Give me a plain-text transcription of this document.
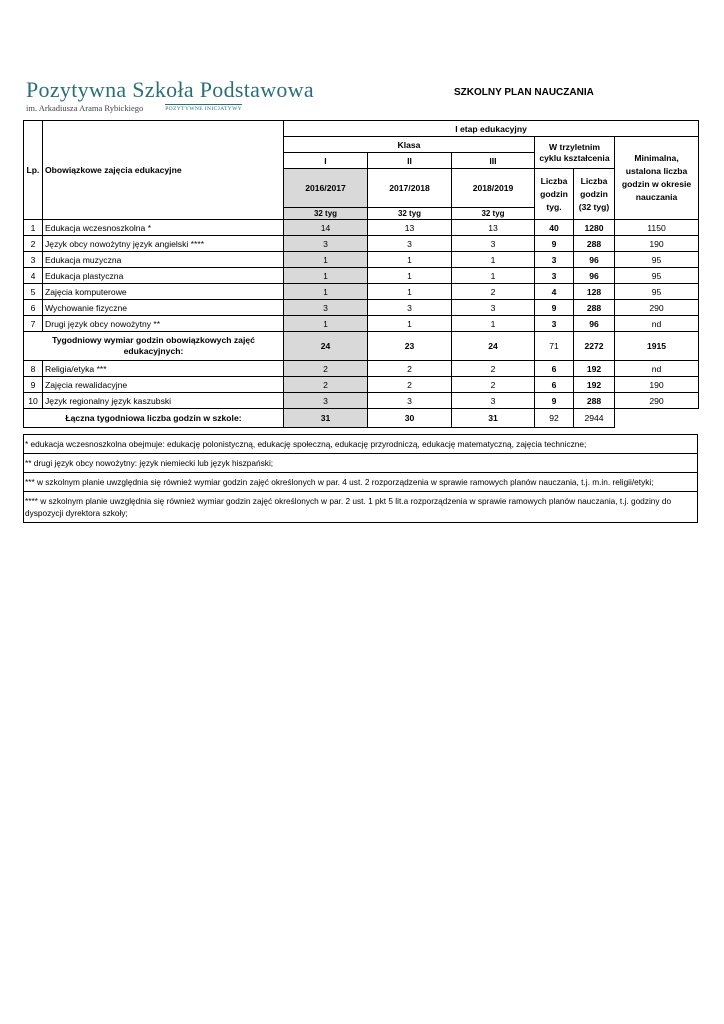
Pozytywna Szkoła Podstawowa
im. Arkadiusza Arama Rybickiego	POZYTYWNE INICJATYWY
SZKOLNY PLAN NAUCZANIA
Lp.	Obowiązkowe zajęcia edukacyjne	I etap edukacyjny					
		Klasa			W trzyletnim cyklu kształcenia		Minimalna, ustalona liczba godzin w okresie nauczania
		I	II	III			
		2016/2017	2017/2018	2018/2019	Liczba godzin tyg.	Liczba godzin (32 tyg)	
		32 tyg	32 tyg	32 tyg			
1	Edukacja wczesnoszkolna *	14	13	13	40	1280	1150
2	Język obcy nowożytny język angielski ****	3	3	3	9	288	190
3	Edukacja muzyczna	1	1	1	3	96	95
4	Edukacja plastyczna	1	1	1	3	96	95
5	Zajęcia komputerowe	1	1	2	4	128	95
6	Wychowanie fizyczne	3	3	3	9	288	290
7	Drugi język obcy nowożytny **	1	1	1	3	96	nd
Tygodniowy wymiar godzin obowiązkowych zajęć edukacyjnych:		24	23	24	71	2272	1915
8	Religia/etyka ***	2	2	2	6	192	nd
9	Zajęcia rewalidacyjne	2	2	2	6	192	190
10	Język regionalny język kaszubski	3	3	3	9	288	290
Łączna tygodniowa liczba godzin w szkole:		31	30	31	92	2944	
* edukacja wczesnoszkolna obejmuje: edukację polonistyczną, edukację społeczną, edukację przyrodniczą, edukację matematyczną, zajęcia techniczne;
** drugi język obcy nowożytny: język niemiecki lub język hiszpański;
*** w szkolnym planie uwzględnia się również wymiar godzin zajęć określonych w par. 4 ust. 2 rozporządzenia w sprawie ramowych planów nauczania, t.j. m.in. religii/etyki;
**** w szkolnym planie uwzględnia się również wymiar godzin zajęć określonych w par. 2 ust. 1 pkt 5 lit.a rozporządzenia w sprawie ramowych planów nauczania, t.j. godziny do dyspozycji dyrektora szkoły;
